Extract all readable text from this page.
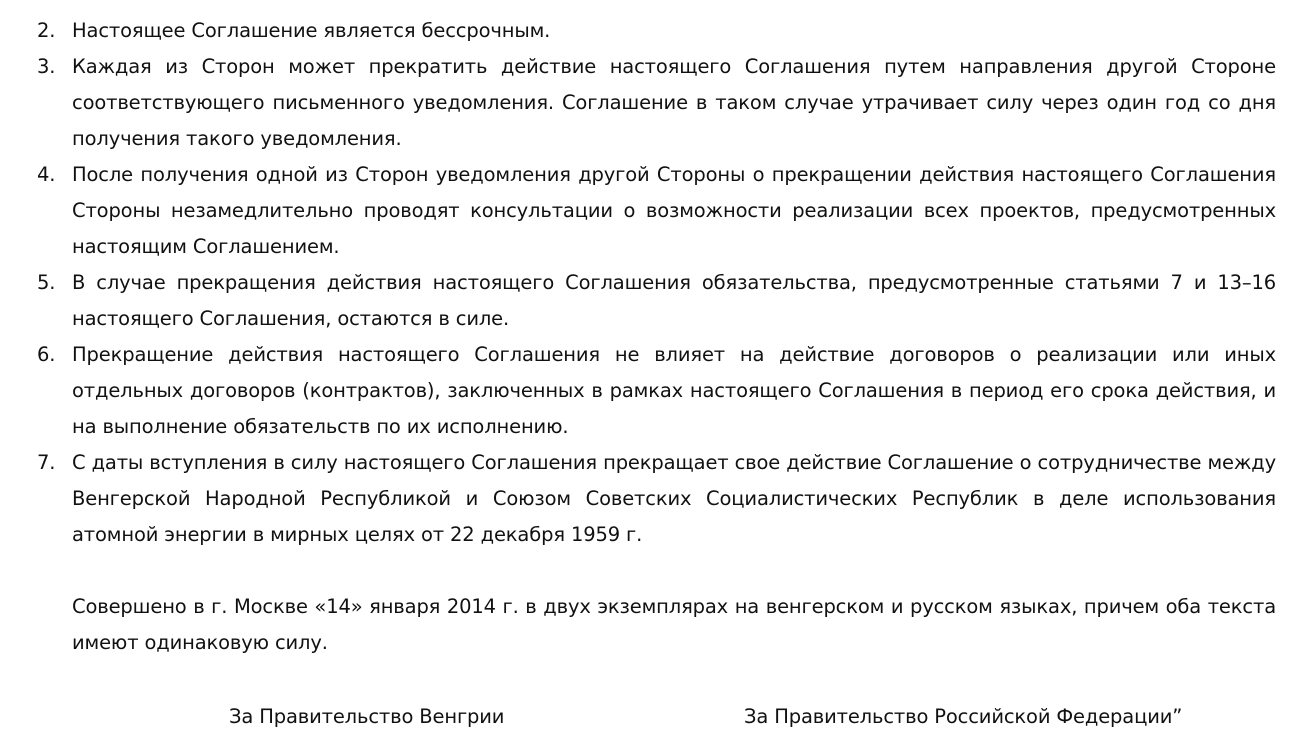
2. Настоящее Соглашение является бессрочным.
3. Каждая из Сторон может прекратить действие настоящего Соглашения путем направления другой Стороне соответствующего письменного уведомления. Соглашение в таком случае утрачивает силу через один год со дня получения такого уведомления.
4. После получения одной из Сторон уведомления другой Стороны о прекращении действия настоящего Соглашения Стороны незамедлительно проводят консультации о возможности реализации всех проектов, предусмотренных настоящим Соглашением.
5. В случае прекращения действия настоящего Соглашения обязательства, предусмотренные статьями 7 и 13–16 настоящего Соглашения, остаются в силе.
6. Прекращение действия настоящего Соглашения не влияет на действие договоров о реализации или иных отдельных договоров (контрактов), заключенных в рамках настоящего Соглашения в период его срока действия, и на выполнение обязательств по их исполнению.
7. С даты вступления в силу настоящего Соглашения прекращает свое действие Соглашение о сотрудничестве между Венгерской Народной Республикой и Союзом Советских Социалистических Республик в деле использования атомной энергии в мирных целях от 22 декабря 1959 г.

Совершено в г. Москве «14» января 2014 г. в двух экземплярах на венгерском и русском языках, причем оба текста имеют одинаковую силу.

За Правительство Венгрии	За Правительство Российской Федерации”
